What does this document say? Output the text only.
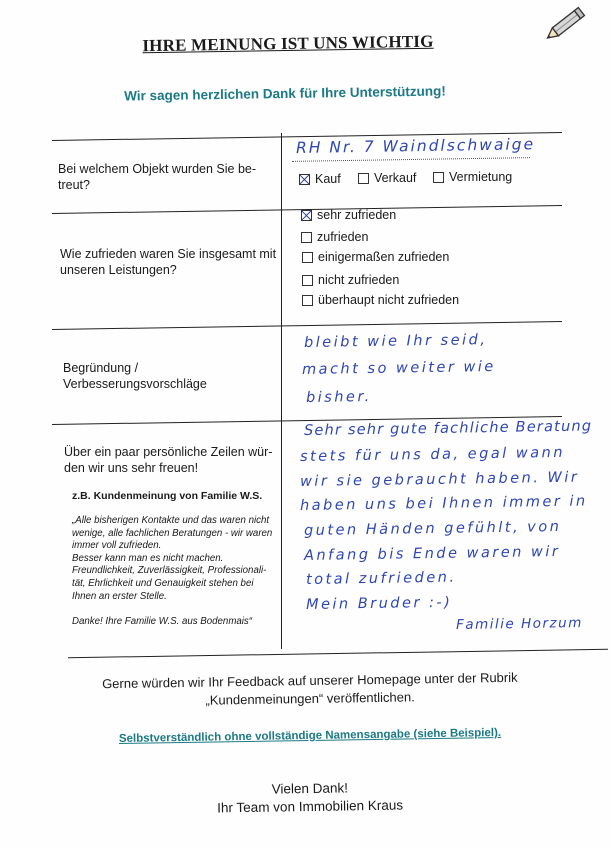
IHRE MEINUNG IST UNS WICHTIG
Wir sagen herzlichen Dank für Ihre Unterstützung!
Bei welchem Objekt wurden Sie be-
treut?
RH Nr. 7 Waindlschwaige
Kauf	Verkauf	Vermietung
Wie zufrieden waren Sie insgesamt mit
unseren Leistungen?
sehr zufrieden
zufrieden
einigermaßen zufrieden
nicht zufrieden
überhaupt nicht zufrieden
Begründung /
Verbesserungsvorschläge
bleibt wie Ihr seid,
macht so weiter wie
bisher.
Über ein paar persönliche Zeilen wür-
den wir uns sehr freuen!
z.B. Kundenmeinung von Familie W.S.
„Alle bisherigen Kontakte und das waren nicht
wenige, alle fachlichen Beratungen - wir waren
immer voll zufrieden.
Besser kann man es nicht machen.
Freundlichkeit, Zuverlässigkeit, Professionali-
tät, Ehrlichkeit und Genauigkeit stehen bei
Ihnen an erster Stelle.
Danke! Ihre Familie W.S. aus Bodenmais“
Sehr sehr gute fachliche Beratung
stets für uns da, egal wann
wir sie gebraucht haben. Wir
haben uns bei Ihnen immer in
guten Händen gefühlt, von
Anfang bis Ende waren wir
total zufrieden.
Mein Bruder :-)
Familie Horzum
Gerne würden wir Ihr Feedback auf unserer Homepage unter der Rubrik
„Kundenmeinungen“ veröffentlichen.
Selbstverständlich ohne vollständige Namensangabe (siehe Beispiel).
Vielen Dank!
Ihr Team von Immobilien Kraus
